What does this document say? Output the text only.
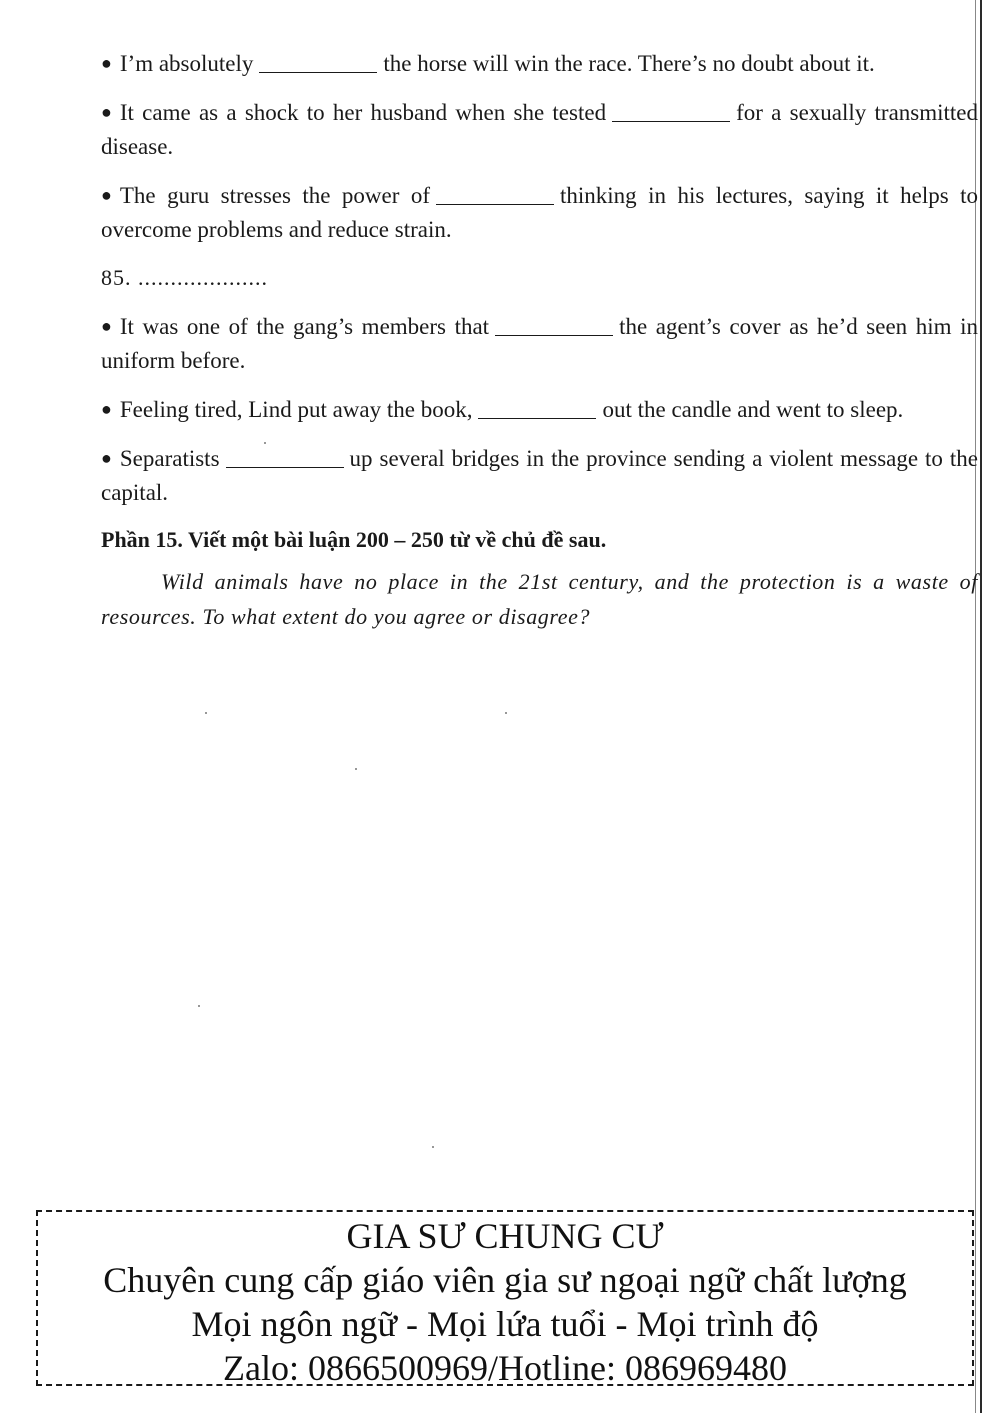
● I’m absolutely	the horse will win the race. There’s no doubt about it.
● It came as a shock to her husband when she tested	for a sexually transmitted disease.
● The guru stresses the power of	thinking in his lectures, saying it helps to overcome problems and reduce strain.
85. ....................
● It was one of the gang’s members that	the agent’s cover as he’d seen him in uniform before.
● Feeling tired, Lind put away the book,	out the candle and went to sleep.
● Separatists	up several bridges in the province sending a violent message to the capital.
Phần 15. Viết một bài luận 200 – 250 từ về chủ đề sau.
Wild animals have no place in the 21st century, and the protection is a waste of resources. To what extent do you agree or disagree?
GIA SƯ CHUNG CƯ
Chuyên cung cấp giáo viên gia sư ngoại ngữ chất lượng
Mọi ngôn ngữ - Mọi lứa tuổi - Mọi trình độ
Zalo: 0866500969/Hotline: 086969480
